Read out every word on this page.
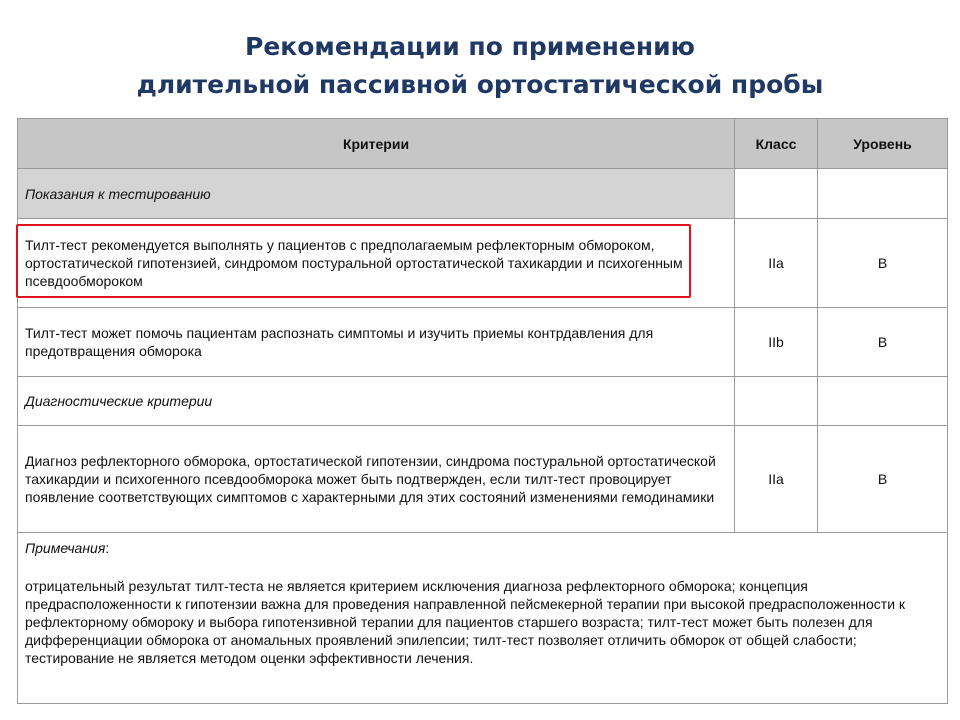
Рекомендации по применению
длительной пассивной ортостатической пробы
Критерии	Класс	Уровень
Показания к тестированию		

Тилт-тест рекомендуется выполнять у пациентов с предполагаемым рефлекторным обмороком, ортостатической гипотензией, синдромом постуральной ортостатической тахикардии и психогенным псевдообмороком	IIa	B

Тилт-тест может помочь пациентам распознать симптомы и изучить приемы контрдавления для предотвращения обморока	IIb	B
Диагностические критерии		

Диагноз рефлекторного обморока, ортостатической гипотензии, синдрома постуральной ортостатической тахикардии и психогенного псевдообморока может быть подтвержден, если тилт-тест провоцирует появление соответствующих симптомов с характерными для этих состояний изменениями гемодинамики	IIa	B

Примечания:
отрицательный результат тилт-теста не является критерием исключения диагноза рефлекторного обморока; концепция предрасположенности к гипотензии важна для проведения направленной пейсмекерной терапии при высокой предрасположенности к рефлекторному обмороку и выбора гипотензивной терапии для пациентов старшего возраста; тилт-тест может быть полезен для дифференциации обморока от аномальных проявлений эпилепсии; тилт-тест позволяет отличить обморок от общей слабости; тестирование не является методом оценки эффективности лечения.		
